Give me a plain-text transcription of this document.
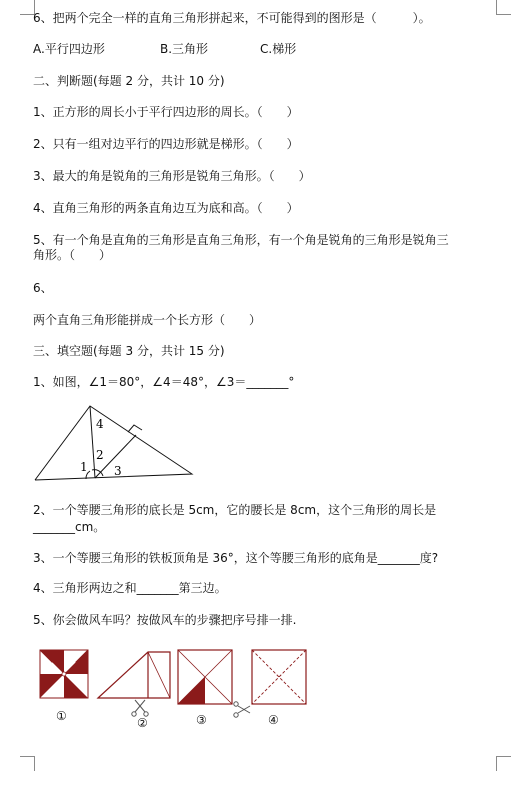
6、把两个完全一样的直角三角形拼起来，不可能得到的图形是（　　　）。
A.平行四边形	B.三角形	C.梯形
二、判断题(每题 2 分，共计 10 分)
1、正方形的周长小于平行四边形的周长。（　　）
2、只有一组对边平行的四边形就是梯形。（　　）
3、最大的角是锐角的三角形是锐角三角形。（　　）
4、直角三角形的两条直角边互为底和高。（　　）
5、有一个角是直角的三角形是直角三角形，有一个角是锐角的三角形是锐角三
角形。（　　）
6、
两个直角三角形能拼成一个长方形（　　）
三、填空题(每题 3 分，共计 15 分)
1、如图，∠1＝80°，∠4＝48°，∠3＝_______°
4
2
1 3
2、一个等腰三角形的底长是 5cm，它的腰长是 8cm，这个三角形的周长是
_______cm。
3、一个等腰三角形的铁板顶角是 36°，这个等腰三角形的底角是_______度?
4、三角形两边之和_______第三边。
5、你会做风车吗？按做风车的步骤把序号排一排.
①	②	③	④
